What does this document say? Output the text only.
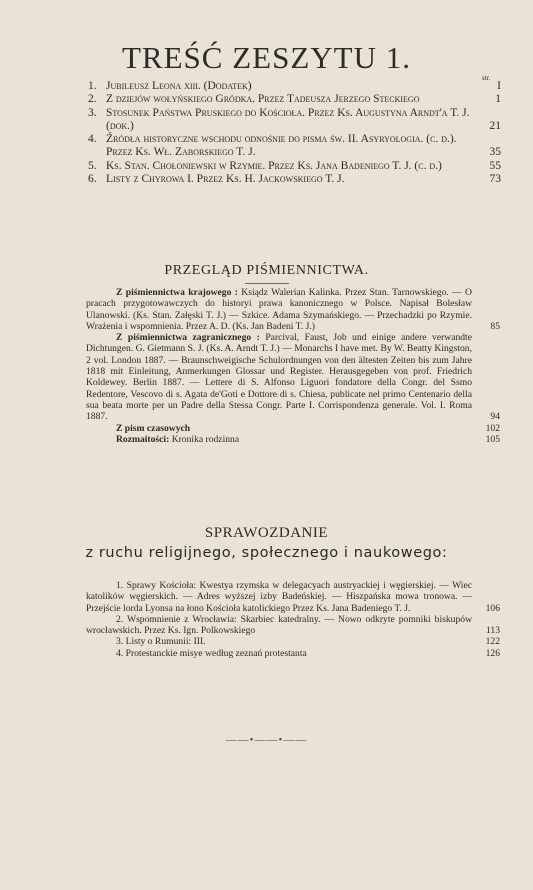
TREŚĆ ZESZYTU 1.
str.
1. Jubileusz Leona xiii. (Dodatek)	I
2. Z dziejów wołyńskiego Gródka. Przez Tadeusza Jerzego Steckiego	1
3. Stosunek Państwa Pruskiego do Kościoła. Przez Ks. Augustyna Arndt'a T. J. (dok.)	21
4. Źródła historyczne wschodu odnośnie do pisma św. II. Asyryologia. (c. d.). Przez Ks. Wł. Zaborskiego T. J.	35
5. Ks. Stan. Chołoniewski w Rzymie. Przez Ks. Jana Badeniego T. J. (c. d.)	55
6. Listy z Chyrowa I. Przez Ks. H. Jackowskiego T. J.	73
PRZEGLĄD PIŚMIENNICTWA.

Z piśmiennictwa krajowego : Ksiądz Walerian Kalinka. Przez Stan. Tarnowskiego. — O pracach przygotowawczych do historyi prawa kanonicznego w Polsce. Napisał Bolesław Ulanowski. (Ks. Stan. Załęski T. J.) — Szkice. Adama Szymańskiego. — Przechadzki po Rzymie. Wrażenia i wspomnienia. Przez A. D. (Ks. Jan Badeni T. J.)	85

Z piśmiennictwa zagranicznego : Parcival, Faust, Job und einige andere verwandte Dichtungen. G. Gietmann S. J. (Ks. A. Arndt T. J.) — Monarchs I have met. By W. Beatty Kingston, 2 vol. London 1887. — Braunschweigische Schulordnungen von den ältesten Zeiten bis zum Jahre 1818 mit Einleitung, Anmerkungen Glossar und Register. Herausgegeben von prof. Friedrich Koldewey. Berlin 1887. — Lettere di S. Alfonso Liguori fondatore della Congr. del Ssmo Redentore, Vescovo di s. Agata de'Goti e Dottore di s. Chiesa, publicate nel primo Centenario della sua beata morte per un Padre della Stessa Congr. Parte I. Corrispondenza generale. Vol. I. Roma 1887.	94

Z pism czasowych	102

Rozmaitości: Kronika rodzinna	105

SPRAWOZDANIE
z ruchu religijnego, społecznego i naukowego:

1. Sprawy Kościoła: Kwestya rzymska w delegacyach austryackiej i węgierskiej. — Wiec katolików węgierskich. — Adres wyższej izby Badeńskiej. — Hiszpańska mowa tronowa. — Przejście lorda Lyonsa na łono Kościoła katolickiego Przez Ks. Jana Badeniego T. J.	106

2. Wspomnienie z Wrocławia: Skarbiec katedralny. — Nowo odkryte pomniki biskupów wrocławskich. Przez Ks. Ign. Polkowskiego	113

3. Listy o Rumunii: III.	122

4. Protestanckie misye według zeznań protestanta	126

——•——•——
